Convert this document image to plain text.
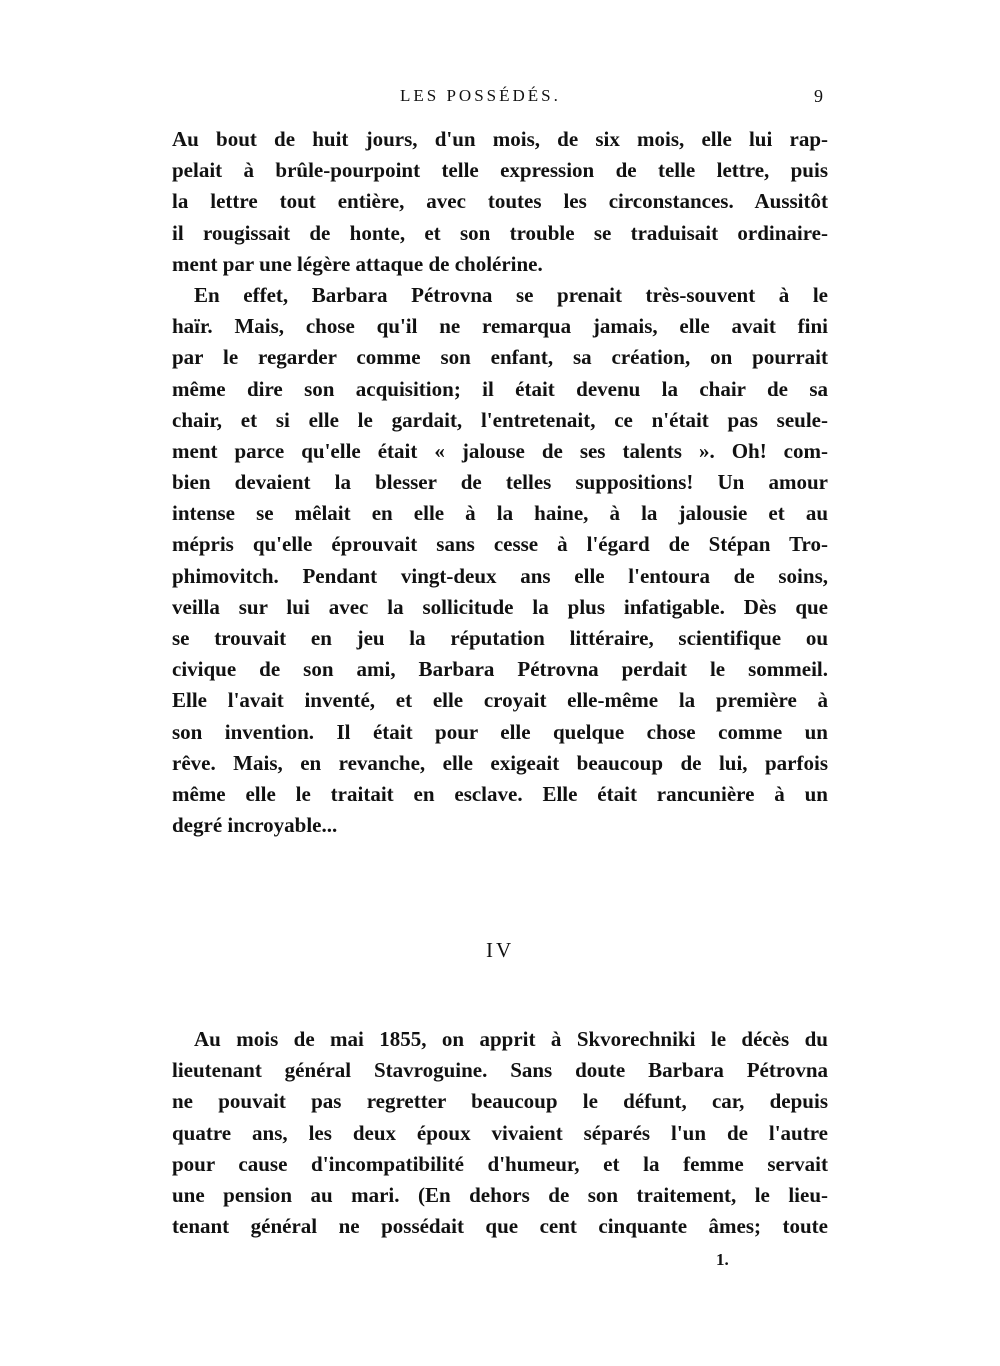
LES POSSÉDÉS.	9
Au bout de huit jours, d'un mois, de six mois, elle lui rap-
pelait à brûle-pourpoint telle expression de telle lettre, puis
la lettre tout entière, avec toutes les circonstances. Aussitôt
il rougissait de honte, et son trouble se traduisait ordinaire-
ment par une légère attaque de cholérine.
En effet, Barbara Pétrovna se prenait très-souvent à le
haïr. Mais, chose qu'il ne remarqua jamais, elle avait fini
par le regarder comme son enfant, sa création, on pourrait
même dire son acquisition; il était devenu la chair de sa
chair, et si elle le gardait, l'entretenait, ce n'était pas seule-
ment parce qu'elle était « jalouse de ses talents ». Oh! com-
bien devaient la blesser de telles suppositions! Un amour
intense se mêlait en elle à la haine, à la jalousie et au
mépris qu'elle éprouvait sans cesse à l'égard de Stépan Tro-
phimovitch. Pendant vingt-deux ans elle l'entoura de soins,
veilla sur lui avec la sollicitude la plus infatigable. Dès que
se trouvait en jeu la réputation littéraire, scientifique ou
civique de son ami, Barbara Pétrovna perdait le sommeil.
Elle l'avait inventé, et elle croyait elle-même la première à
son invention. Il était pour elle quelque chose comme un
rêve. Mais, en revanche, elle exigeait beaucoup de lui, parfois
même elle le traitait en esclave. Elle était rancunière à un
degré incroyable...
IV
Au mois de mai 1855, on apprit à Skvorechniki le décès du
lieutenant général Stavroguine. Sans doute Barbara Pétrovna
ne pouvait pas regretter beaucoup le défunt, car, depuis
quatre ans, les deux époux vivaient séparés l'un de l'autre
pour cause d'incompatibilité d'humeur, et la femme servait
une pension au mari. (En dehors de son traitement, le lieu-
tenant général ne possédait que cent cinquante âmes; toute
1.
